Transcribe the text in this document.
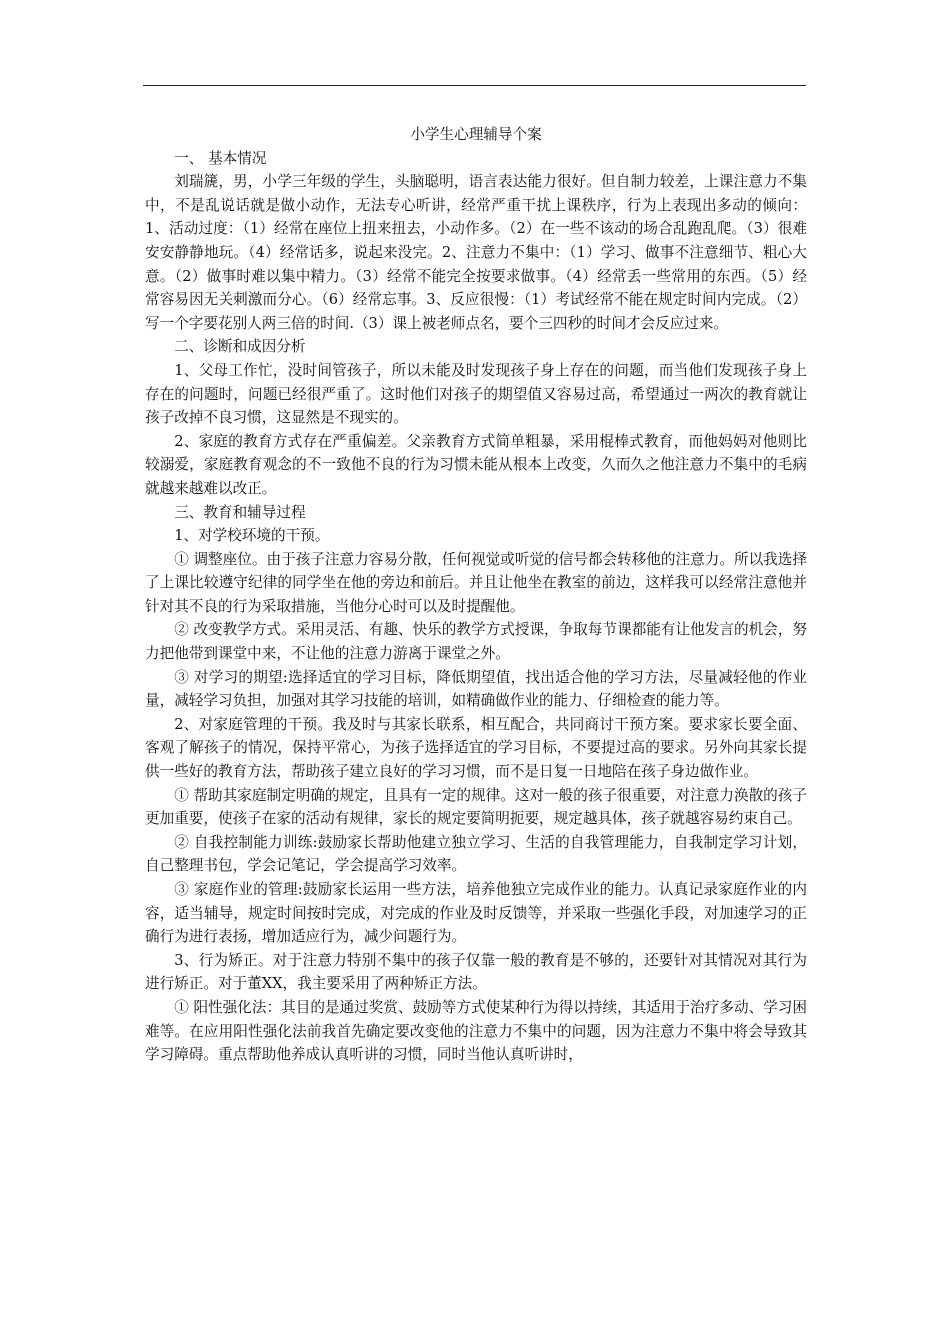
小学生心理辅导个案

一、 基本情况

刘瑞篪，男，小学三年级的学生，头脑聪明，语言表达能力很好。但自制力较差，上课注意力不集中，不是乱说话就是做小动作，无法专心听讲，经常严重干扰上课秩序，行为上表现出多动的倾向：1、活动过度：（1）经常在座位上扭来扭去，小动作多。（2）在一些不该动的场合乱跑乱爬。（3）很难安安静静地玩。（4）经常话多，说起来没完。2、注意力不集中：（1）学习、做事不注意细节、粗心大意。（2）做事时难以集中精力。（3）经常不能完全按要求做事。（4）经常丢一些常用的东西。（5）经常容易因无关刺激而分心。（6）经常忘事。3、反应很慢：（1）考试经常不能在规定时间内完成。（2）写一个字要花别人两三倍的时间.（3）课上被老师点名，要个三四秒的时间才会反应过来。

二、诊断和成因分析

1、父母工作忙，没时间管孩子，所以未能及时发现孩子身上存在的问题，而当他们发现孩子身上存在的问题时，问题已经很严重了。这时他们对孩子的期望值又容易过高，希望通过一两次的教育就让孩子改掉不良习惯，这显然是不现实的。

2、家庭的教育方式存在严重偏差。父亲教育方式简单粗暴，采用棍棒式教育，而他妈妈对他则比较溺爱，家庭教育观念的不一致他不良的行为习惯未能从根本上改变，久而久之他注意力不集中的毛病就越来越难以改正。

三、教育和辅导过程

1、对学校环境的干预。

① 调整座位。由于孩子注意力容易分散，任何视觉或听觉的信号都会转移他的注意力。所以我选择了上课比较遵守纪律的同学坐在他的旁边和前后。并且让他坐在教室的前边，这样我可以经常注意他并针对其不良的行为采取措施，当他分心时可以及时提醒他。

② 改变教学方式。采用灵活、有趣、快乐的教学方式授课，争取每节课都能有让他发言的机会，努力把他带到课堂中来，不让他的注意力游离于课堂之外。

③ 对学习的期望:选择适宜的学习目标，降低期望值，找出适合他的学习方法，尽量减轻他的作业量，减轻学习负担，加强对其学习技能的培训，如精确做作业的能力、仔细检查的能力等。

2、对家庭管理的干预。我及时与其家长联系，相互配合，共同商讨干预方案。要求家长要全面、客观了解孩子的情况，保持平常心，为孩子选择适宜的学习目标，不要提过高的要求。另外向其家长提供一些好的教育方法，帮助孩子建立良好的学习习惯，而不是日复一日地陪在孩子身边做作业。

① 帮助其家庭制定明确的规定，且具有一定的规律。这对一般的孩子很重要，对注意力涣散的孩子更加重要，使孩子在家的活动有规律，家长的规定要简明扼要，规定越具体，孩子就越容易约束自己。

② 自我控制能力训练:鼓励家长帮助他建立独立学习、生活的自我管理能力，自我制定学习计划，自己整理书包，学会记笔记，学会提高学习效率。

③ 家庭作业的管理:鼓励家长运用一些方法，培养他独立完成作业的能力。认真记录家庭作业的内容，适当辅导，规定时间按时完成，对完成的作业及时反馈等，并采取一些强化手段，对加速学习的正确行为进行表扬，增加适应行为，减少问题行为。

3、行为矫正。对于注意力特别不集中的孩子仅靠一般的教育是不够的，还要针对其情况对其行为进行矫正。对于董XX，我主要采用了两种矫正方法。

① 阳性强化法：其目的是通过奖赏、鼓励等方式使某种行为得以持续，其适用于治疗多动、学习困难等。在应用阳性强化法前我首先确定要改变他的注意力不集中的问题，因为注意力不集中将会导致其学习障碍。重点帮助他养成认真听讲的习惯，同时当他认真听讲时，
